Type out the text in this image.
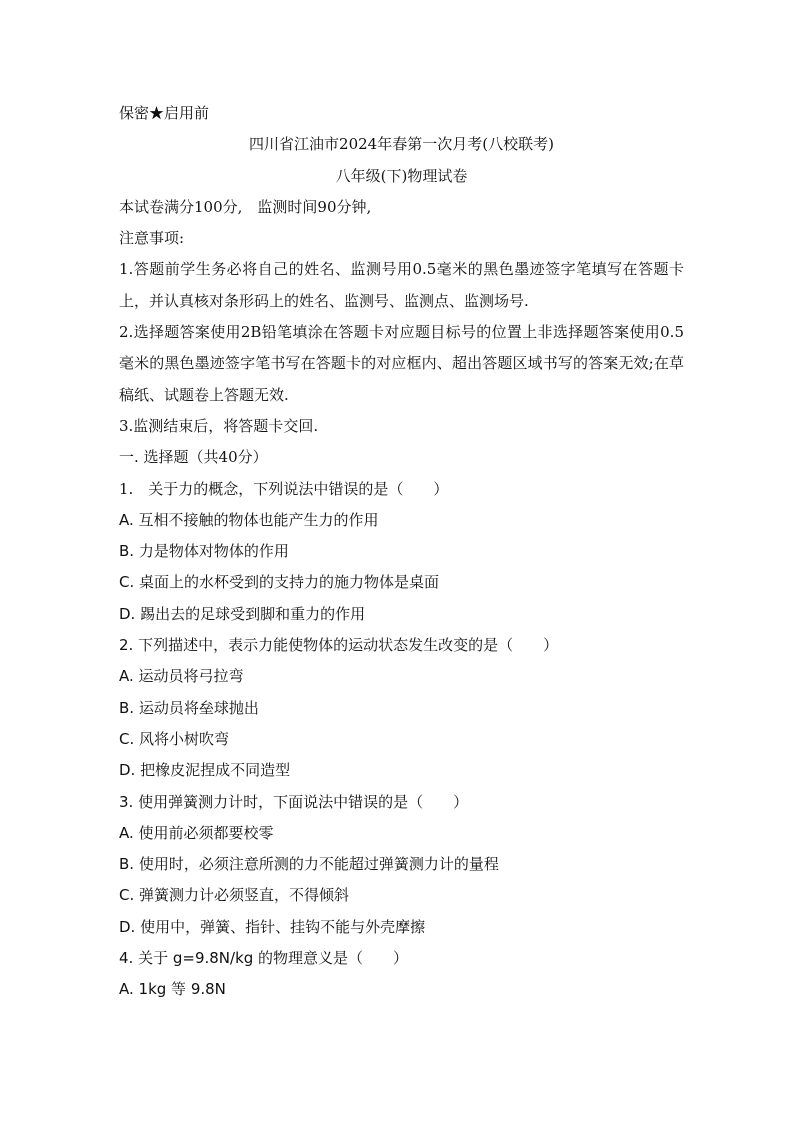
保密★启用前
四川省江油市2024年春第一次月考(八校联考)
八年级(下)物理试卷
本试卷满分100分,　监测时间90分钟,
注意事项:
1.答题前学生务必将自己的姓名、监测号用0.5毫米的黑色墨迹签字笔填写在答题卡上，并认真核对条形码上的姓名、监测号、监测点、监测场号.
2.选择题答案使用2B铅笔填涂在答题卡对应题目标号的位置上非选择题答案使用0.5毫米的黑色墨迹签字笔书写在答题卡的对应框内、超出答题区域书写的答案无效;在草稿纸、试题卷上答题无效.
3.监测结束后，将答题卡交回.
一. 选择题（共40分）
1.　关于力的概念，下列说法中错误的是（　　）
A. 互相不接触的物体也能产生力的作用
B. 力是物体对物体的作用
C. 桌面上的水杯受到的支持力的施力物体是桌面
D. 踢出去的足球受到脚和重力的作用
2. 下列描述中，表示力能使物体的运动状态发生改变的是（　　）
A. 运动员将弓拉弯
B. 运动员将垒球抛出
C. 风将小树吹弯
D. 把橡皮泥捏成不同造型
3. 使用弹簧测力计时，下面说法中错误的是（　　）
A. 使用前必须都要校零
B. 使用时，必须注意所测的力不能超过弹簧测力计的量程
C. 弹簧测力计必须竖直，不得倾斜
D. 使用中，弹簧、指针、挂钩不能与外壳摩擦
4. 关于 g=9.8N/kg 的物理意义是（　　）
A. 1kg 等 9.8N
